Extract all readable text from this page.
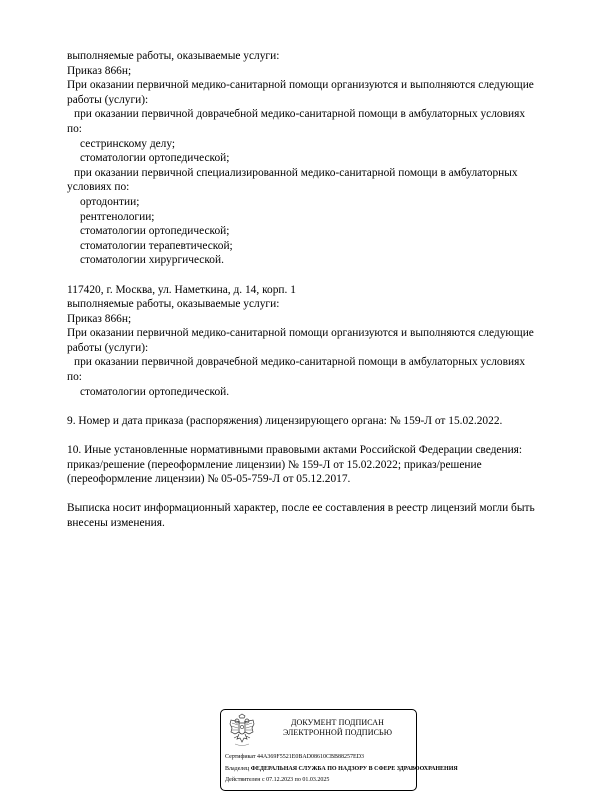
выполняемые работы, оказываемые услуги:
Приказ 866н;
При оказании первичной медико-санитарной помощи организуются и выполняются следующие
работы (услуги):
при оказании первичной доврачебной медико-санитарной помощи в амбулаторных условиях
по:
сестринскому делу;
стоматологии ортопедической;
при оказании первичной специализированной медико-санитарной помощи в амбулаторных
условиях по:
ортодонтии;
рентгенологии;
стоматологии ортопедической;
стоматологии терапевтической;
стоматологии хирургической.
117420, г. Москва, ул. Наметкина, д. 14, корп. 1
выполняемые работы, оказываемые услуги:
Приказ 866н;
При оказании первичной медико-санитарной помощи организуются и выполняются следующие
работы (услуги):
при оказании первичной доврачебной медико-санитарной помощи в амбулаторных условиях
по:
стоматологии ортопедической.
9. Номер и дата приказа (распоряжения) лицензирующего органа: № 159-Л от 15.02.2022.
10. Иные установленные нормативными правовыми актами Российской Федерации сведения:
приказ/решение (переоформление лицензии) № 159-Л от 15.02.2022; приказ/решение
(переоформление лицензии) № 05-05-759-Л от 05.12.2017.
Выписка носит информационный характер, после ее составления в реестр лицензий могли быть
внесены изменения.
ДОКУМЕНТ ПОДПИСАН
ЭЛЕКТРОННОЙ ПОДПИСЬЮ
Сертификат 44A369F5521E0BAD08610CBB88257ED3
Владелец ФЕДЕРАЛЬНАЯ СЛУЖБА ПО НАДЗОРУ В СФЕРЕ ЗДРАВООХРАНЕНИЯ
Действителен с 07.12.2023 по 01.03.2025
